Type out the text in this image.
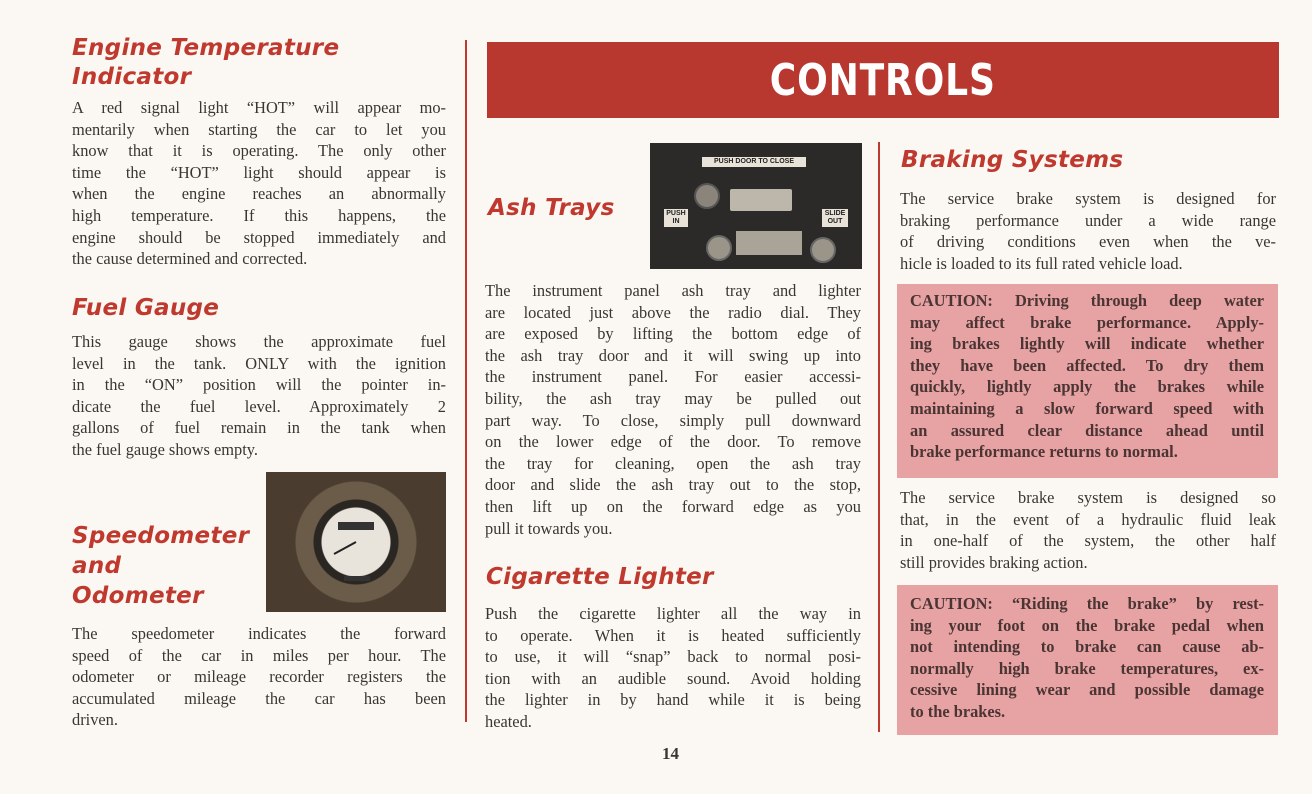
CONTROLS
Engine Temperature
Indicator
A red signal light “HOT” will appear mo-
mentarily when starting the car to let you
know that it is operating. The only other
time the “HOT” light should appear is
when the engine reaches an abnormally
high temperature. If this happens, the
engine should be stopped immediately and
the cause determined and corrected.
Fuel Gauge
This gauge shows the approximate fuel
level in the tank. ONLY with the ignition
in the “ON” position will the pointer in-
dicate the fuel level. Approximately 2
gallons of fuel remain in the tank when
the fuel gauge shows empty.
Speedometer
and
Odometer
The speedometer indicates the forward
speed of the car in miles per hour. The
odometer or mileage recorder registers the
accumulated mileage the car has been
driven.
Ash Trays
PUSH DOOR TO CLOSE
PUSH IN
SLIDE OUT
The instrument panel ash tray and lighter
are located just above the radio dial. They
are exposed by lifting the bottom edge of
the ash tray door and it will swing up into
the instrument panel. For easier accessi-
bility, the ash tray may be pulled out
part way. To close, simply pull downward
on the lower edge of the door. To remove
the tray for cleaning, open the ash tray
door and slide the ash tray out to the stop,
then lift up on the forward edge as you
pull it towards you.
Cigarette Lighter
Push the cigarette lighter all the way in
to operate. When it is heated sufficiently
to use, it will “snap” back to normal posi-
tion with an audible sound. Avoid holding
the lighter in by hand while it is being
heated.
14
Braking Systems
The service brake system is designed for
braking performance under a wide range
of driving conditions even when the ve-
hicle is loaded to its full rated vehicle load.
CAUTION: Driving through deep water
may affect brake performance. Apply-
ing brakes lightly will indicate whether
they have been affected. To dry them
quickly, lightly apply the brakes while
maintaining a slow forward speed with
an assured clear distance ahead until
brake performance returns to normal.
The service brake system is designed so
that, in the event of a hydraulic fluid leak
in one-half of the system, the other half
still provides braking action.
CAUTION: “Riding the brake” by rest-
ing your foot on the brake pedal when
not intending to brake can cause ab-
normally high brake temperatures, ex-
cessive lining wear and possible damage
to the brakes.
